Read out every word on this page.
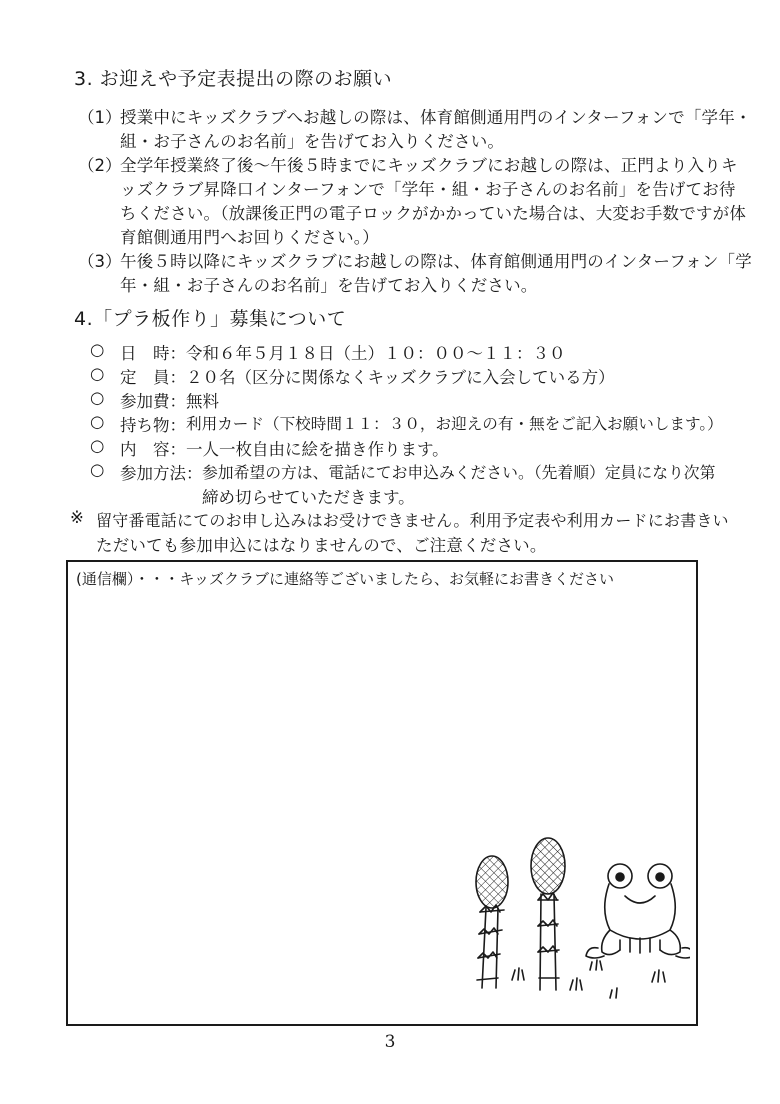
3. お迎えや予定表提出の際のお願い
（1）
授業中にキッズクラブへお越しの際は、体育館側通用門のインターフォンで「学年・
組・お子さんのお名前」を告げてお入りください。
（2）
全学年授業終了後～午後５時までにキッズクラブにお越しの際は、正門より入りキ
ッズクラブ昇降口インターフォンで「学年・組・お子さんのお名前」を告げてお待
ちください。（放課後正門の電子ロックがかかっていた場合は、大変お手数ですが体
育館側通用門へお回りください。）
（3）
午後５時以降にキッズクラブにお越しの際は、体育館側通用門のインターフォン「学
年・組・お子さんのお名前」を告げてお入りください。
4.「プラ板作り」募集について
○ 日　時： 令和６年５月１８日（土）１０：００～１１：３０
○ 定　員： ２０名（区分に関係なくキッズクラブに入会している方）
○ 参加費： 無料
○ 持ち物： 利用カード（下校時間１１：３０，お迎えの有・無をご記入お願いします。）
○ 内　容： 一人一枚自由に絵を描き作ります。
○ 参加方法： 参加希望の方は、電話にてお申込みください。（先着順）定員になり次第
締め切らせていただきます。
※ 留守番電話にてのお申し込みはお受けできません。利用予定表や利用カードにお書きい
ただいても参加申込にはなりませんので、ご注意ください。
(通信欄）・・・キッズクラブに連絡等ございましたら、お気軽にお書きください
3
